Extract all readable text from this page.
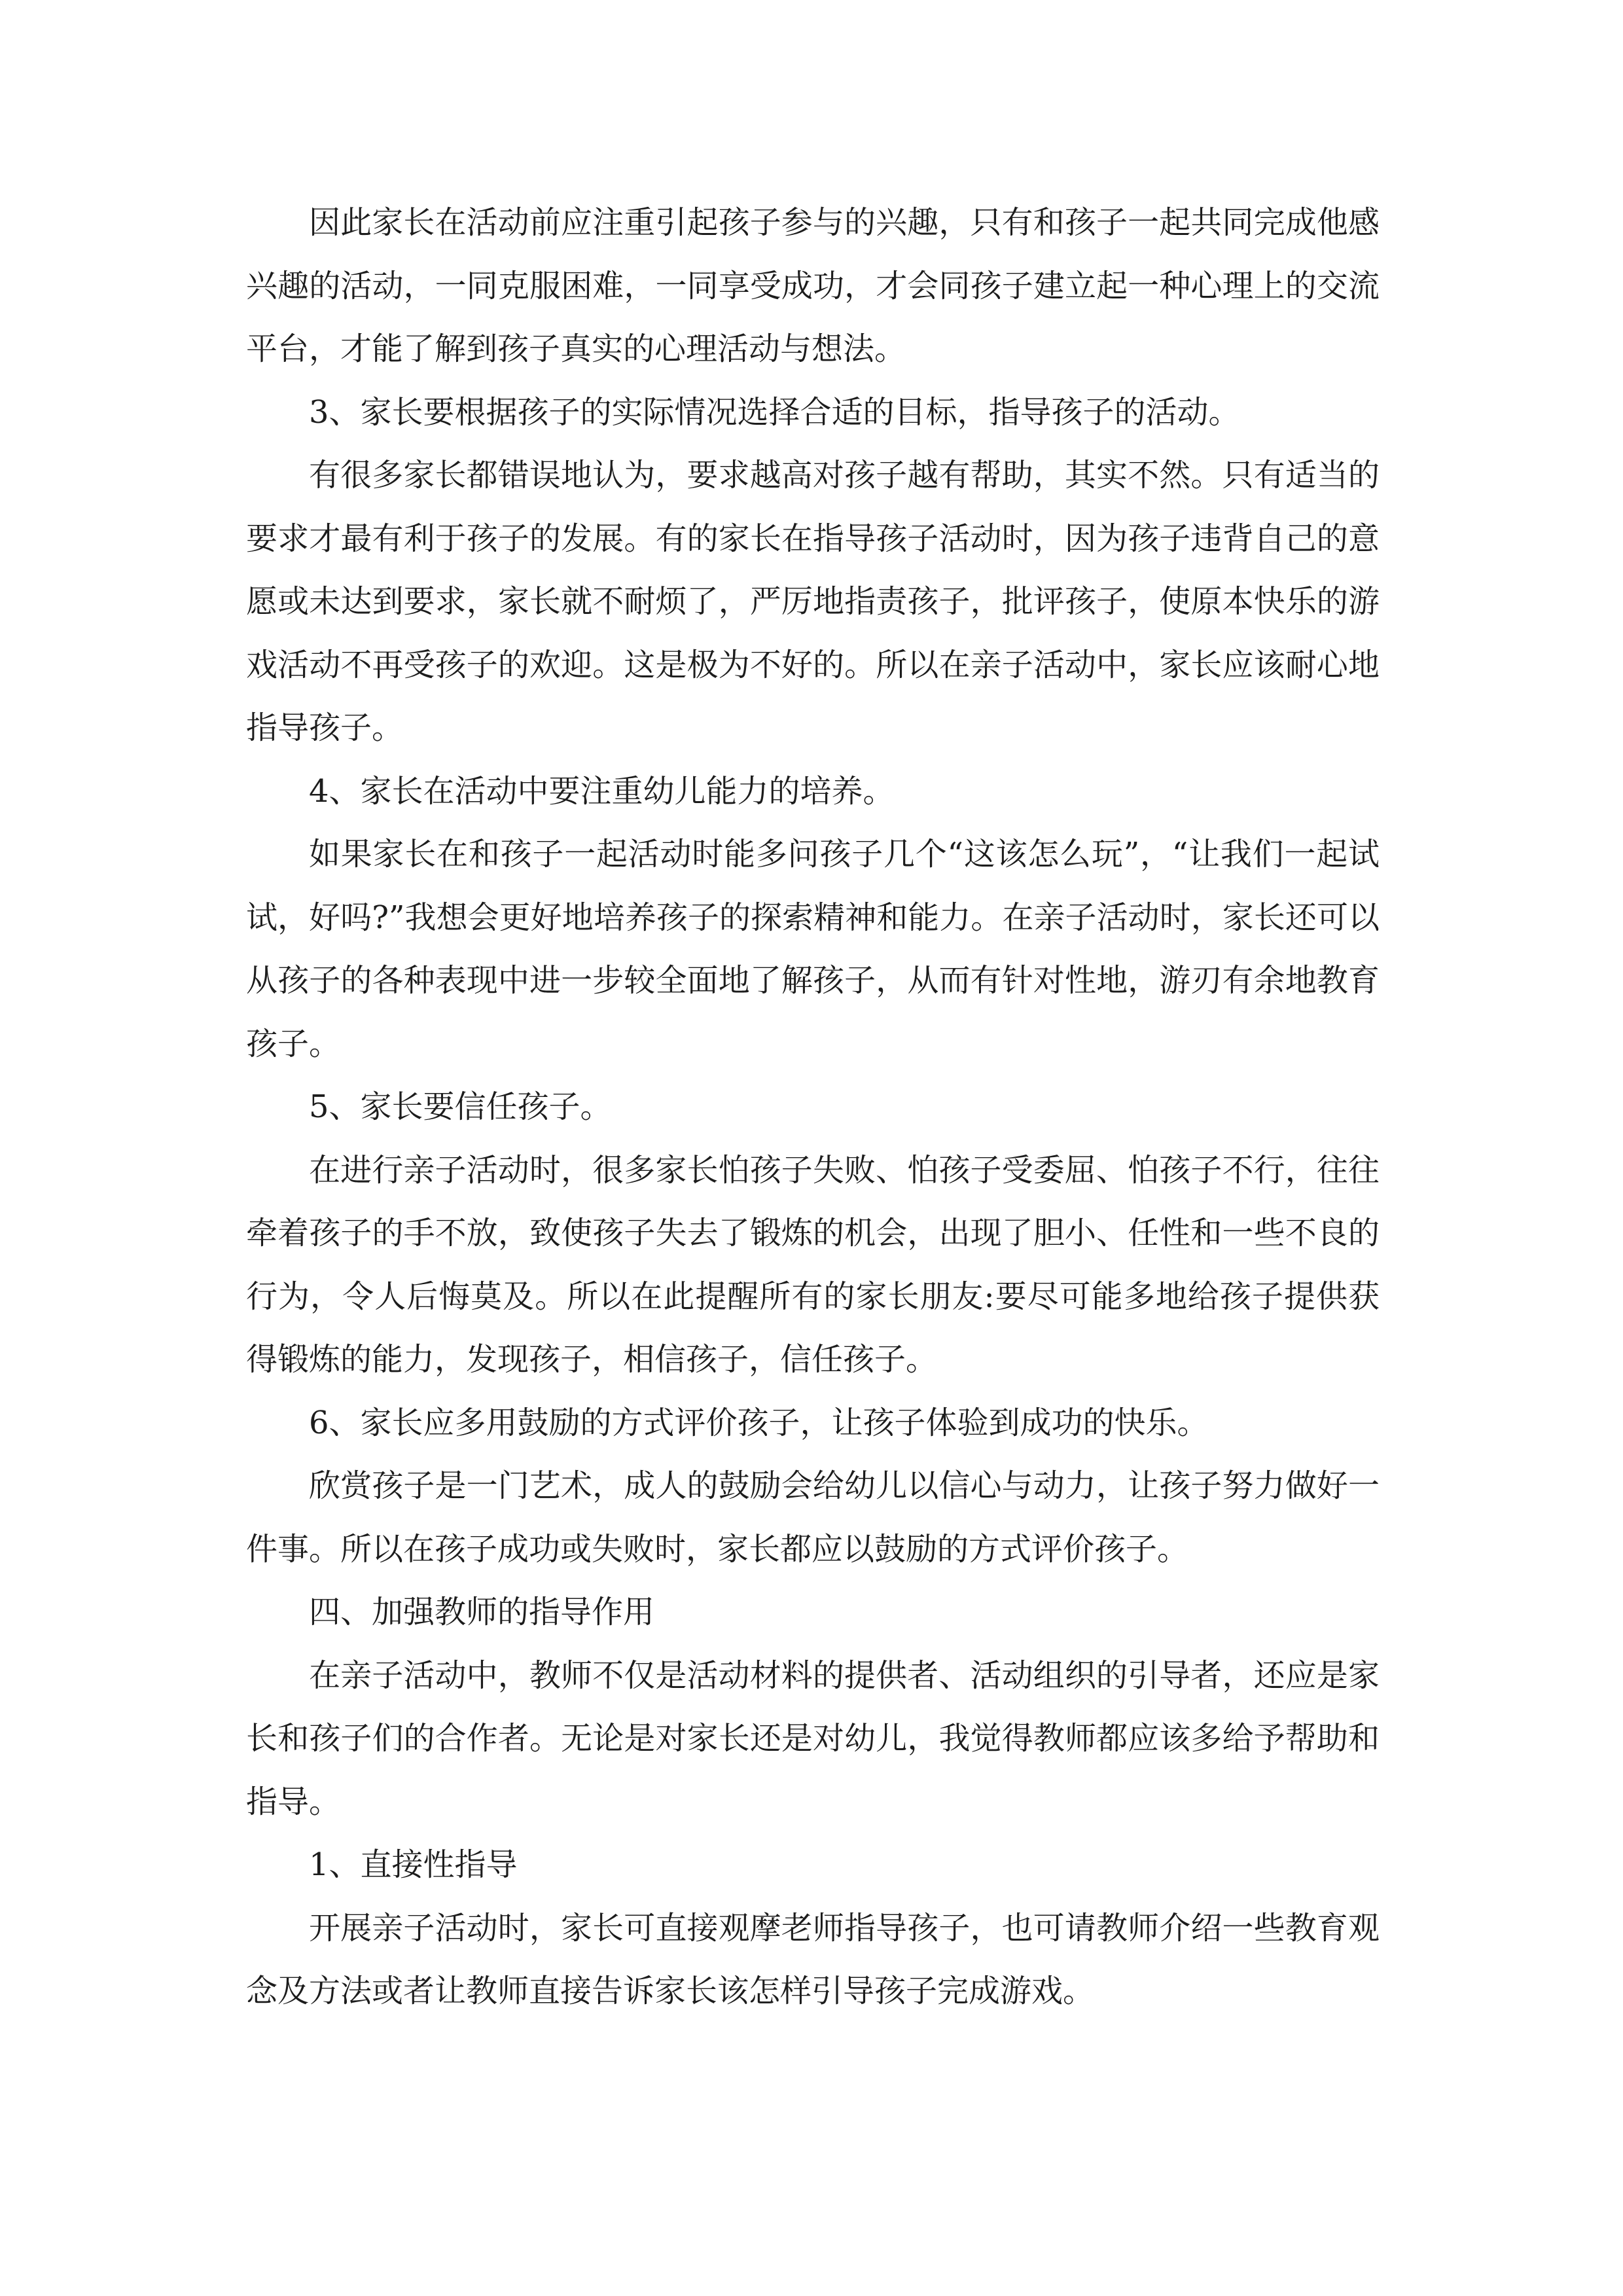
因此家长在活动前应注重引起孩子参与的兴趣，只有和孩子一起共同完成他感兴趣的活动，一同克服困难，一同享受成功，才会同孩子建立起一种心理上的交流平台，才能了解到孩子真实的心理活动与想法。

3、家长要根据孩子的实际情况选择合适的目标，指导孩子的活动。

有很多家长都错误地认为，要求越高对孩子越有帮助，其实不然。只有适当的要求才最有利于孩子的发展。有的家长在指导孩子活动时，因为孩子违背自己的意愿或未达到要求，家长就不耐烦了，严厉地指责孩子，批评孩子，使原本快乐的游戏活动不再受孩子的欢迎。这是极为不好的。所以在亲子活动中，家长应该耐心地指导孩子。

4、家长在活动中要注重幼儿能力的培养。

如果家长在和孩子一起活动时能多问孩子几个“这该怎么玩”，“让我们一起试试，好吗?”我想会更好地培养孩子的探索精神和能力。在亲子活动时，家长还可以从孩子的各种表现中进一步较全面地了解孩子，从而有针对性地，游刃有余地教育孩子。

5、家长要信任孩子。

在进行亲子活动时，很多家长怕孩子失败、怕孩子受委屈、怕孩子不行，往往牵着孩子的手不放，致使孩子失去了锻炼的机会，出现了胆小、任性和一些不良的行为，令人后悔莫及。所以在此提醒所有的家长朋友:要尽可能多地给孩子提供获得锻炼的能力，发现孩子，相信孩子，信任孩子。

6、家长应多用鼓励的方式评价孩子，让孩子体验到成功的快乐。

欣赏孩子是一门艺术，成人的鼓励会给幼儿以信心与动力，让孩子努力做好一件事。所以在孩子成功或失败时，家长都应以鼓励的方式评价孩子。

四、加强教师的指导作用

在亲子活动中，教师不仅是活动材料的提供者、活动组织的引导者，还应是家长和孩子们的合作者。无论是对家长还是对幼儿，我觉得教师都应该多给予帮助和指导。

1、直接性指导

开展亲子活动时，家长可直接观摩老师指导孩子，也可请教师介绍一些教育观念及方法或者让教师直接告诉家长该怎样引导孩子完成游戏。
